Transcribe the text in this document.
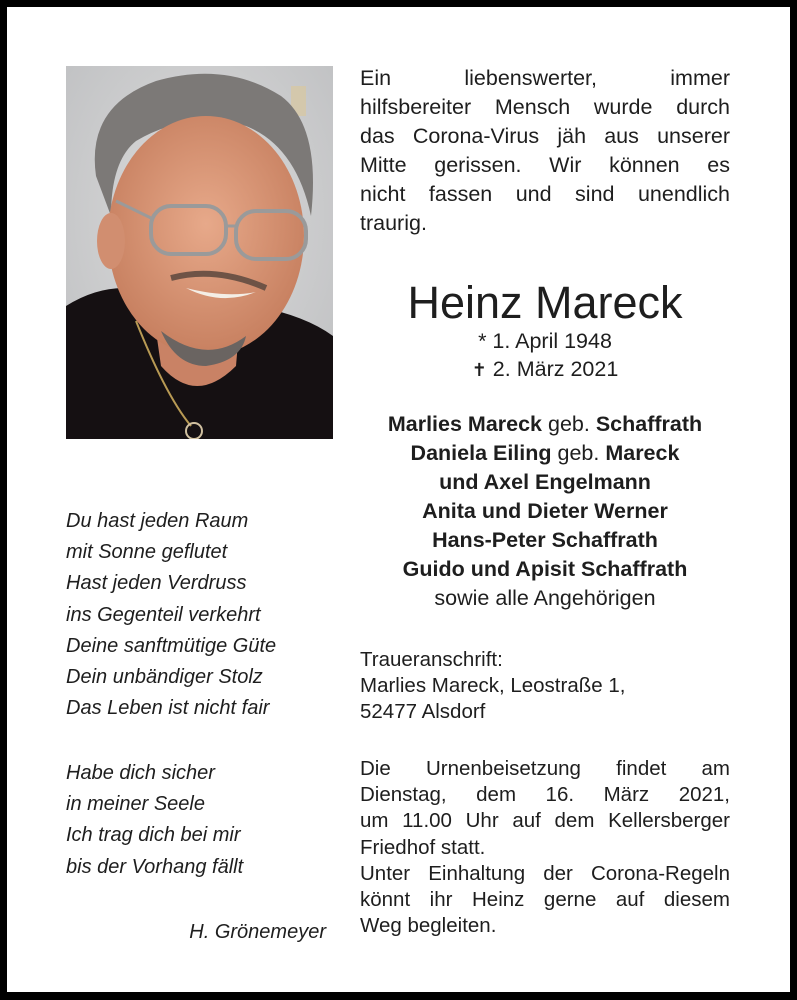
Ein liebenswerter, immer
hilfsbereiter Mensch wurde durch
das Corona-Virus jäh aus unserer
Mitte gerissen. Wir können es
nicht fassen und sind unendlich
traurig.
Heinz Mareck
* 1. April 1948
✝ 2. März 2021
Marlies Mareck geb. Schaffrath
Daniela Eiling geb. Mareck
und Axel Engelmann
Anita und Dieter Werner
Hans-Peter Schaffrath
Guido und Apisit Schaffrath
sowie alle Angehörigen
Traueranschrift:
Marlies Mareck, Leostraße 1,
52477 Alsdorf
Die Urnenbeisetzung findet am
Dienstag, dem 16. März 2021,
um 11.00 Uhr auf dem Kellersberger
Friedhof statt.
Unter Einhaltung der Corona-Regeln
könnt ihr Heinz gerne auf diesem
Weg begleiten.
Du hast jeden Raum
mit Sonne geflutet
Hast jeden Verdruss
ins Gegenteil verkehrt
Deine sanftmütige Güte
Dein unbändiger Stolz
Das Leben ist nicht fair
Habe dich sicher
in meiner Seele
Ich trag dich bei mir
bis der Vorhang fällt
H. Grönemeyer
